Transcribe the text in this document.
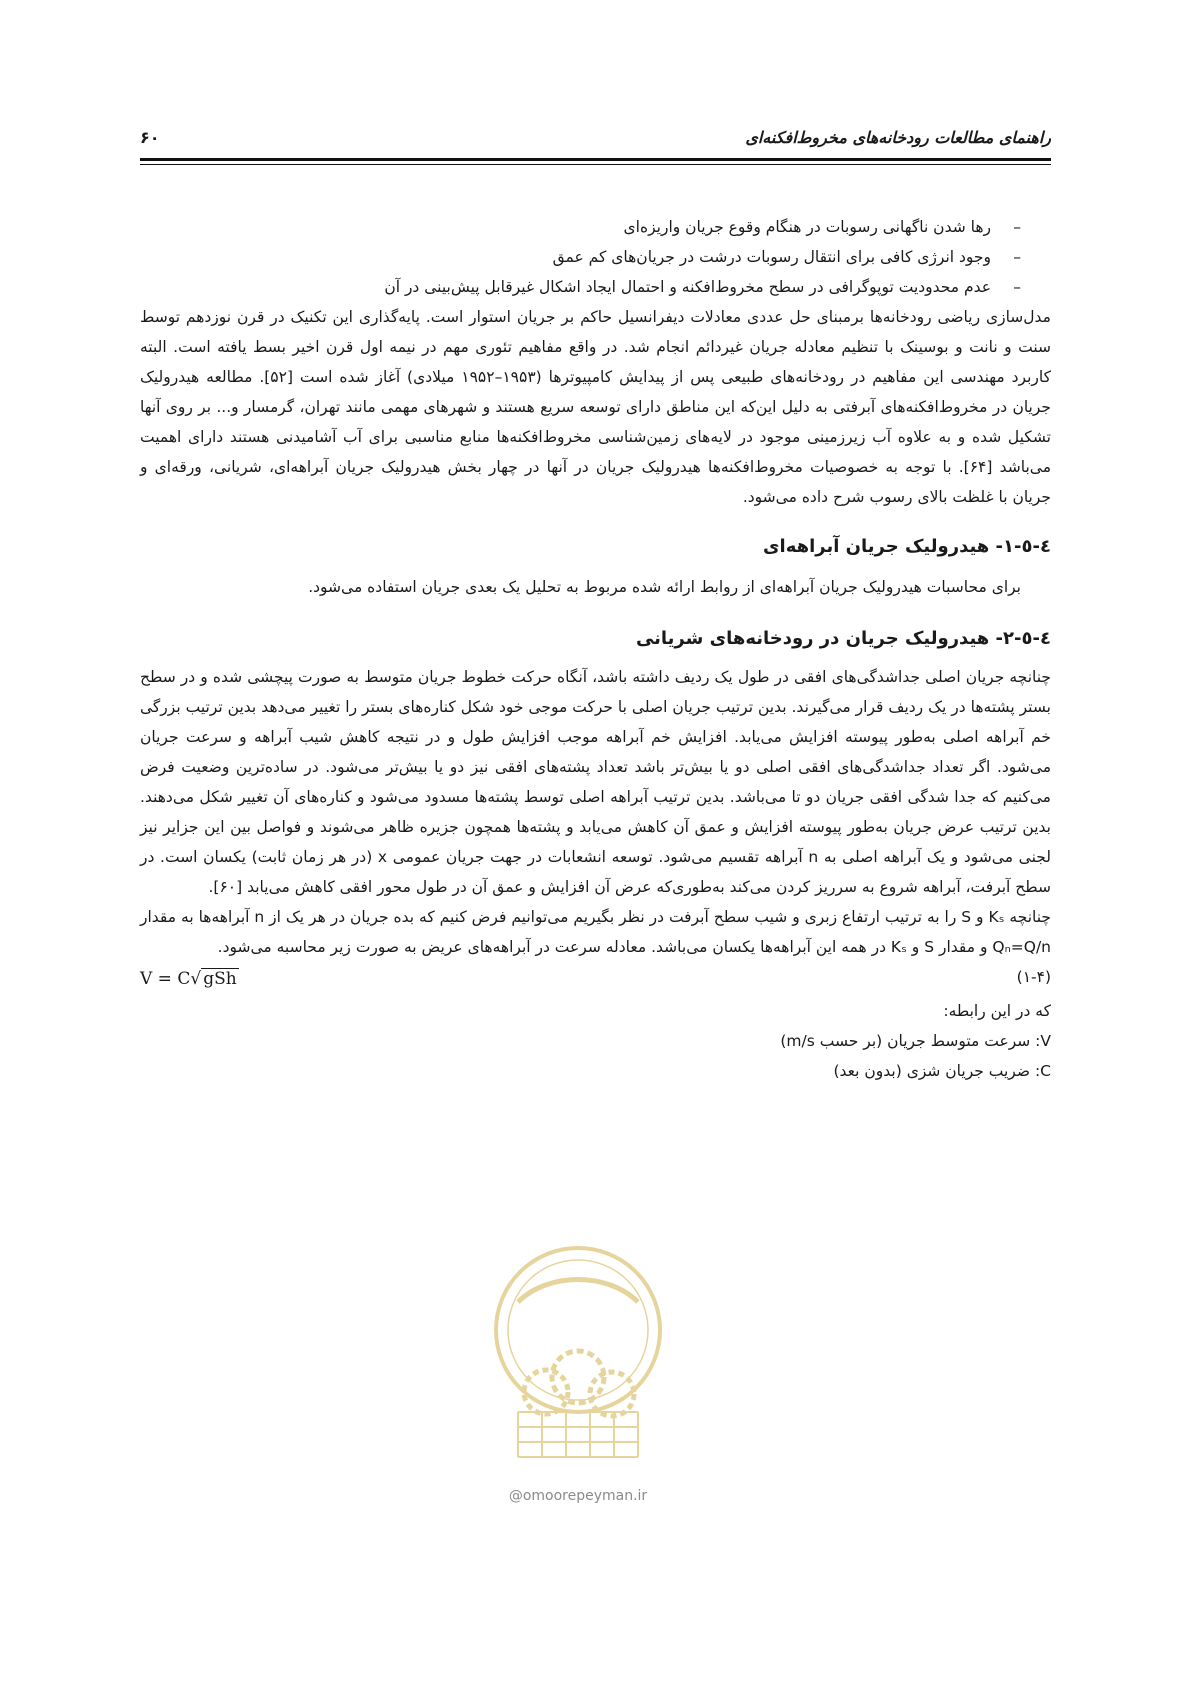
راهنمای مطالعات رودخانه‌های مخروط‌افکنه‌ای
۶۰
–رها شدن ناگهانی رسوبات در هنگام وقوع جریان واریزه‌ای
–وجود انرژی کافی برای انتقال رسوبات درشت در جریان‌های کم عمق
–عدم محدودیت توپوگرافی در سطح مخروط‌افکنه و احتمال ایجاد اشکال غیرقابل پیش‌بینی در آن

مدل‌سازی ریاضی رودخانه‌ها برمبنای حل عددی معادلات دیفرانسیل حاکم بر جریان استوار است. پایه‌گذاری این تکنیک در قرن نوزدهم توسط سنت و نانت و بوسینک با تنظیم معادله جریان غیردائم انجام شد. در واقع مفاهیم تئوری مهم در نیمه اول قرن اخیر بسط یافته است. البته کاربرد مهندسی این مفاهیم در رودخانه‌های طبیعی پس از پیدایش کامپیوترها (۱۹۵۳–۱۹۵۲ میلادی) آغاز شده است [۵۲]. مطالعه هیدرولیک جریان در مخروط‌افکنه‌های آبرفتی به دلیل این‌که این مناطق دارای توسعه سریع هستند و شهرهای مهمی مانند تهران، گرمسار و... بر روی آنها تشکیل شده و به علاوه آب زیرزمینی موجود در لایه‌های زمین‌شناسی مخروط‌افکنه‌ها منابع مناسبی برای آب آشامیدنی هستند دارای اهمیت می‌باشد [۶۴]. با توجه به خصوصیات مخروط‌افکنه‌ها هیدرولیک جریان در آنها در چهار بخش هیدرولیک جریان آبراهه‌ای، شریانی، ورقه‌ای و جریان با غلظت بالای رسوب شرح داده می‌شود.

٤-٥-١- هیدرولیک جریان آبراهه‌ای

برای محاسبات هیدرولیک جریان آبراهه‌ای از روابط ارائه شده مربوط به تحلیل یک بعدی جریان استفاده می‌شود.

٤-٥-٢- هیدرولیک جریان در رودخانه‌های شریانی

چنانچه جریان اصلی جداشدگی‌های افقی در طول یک ردیف داشته باشد، آنگاه حرکت خطوط جریان متوسط به صورت پیچشی شده و در سطح بستر پشته‌ها در یک ردیف قرار می‌گیرند. بدین ترتیب جریان اصلی با حرکت موجی خود شکل کناره‌های بستر را تغییر می‌دهد بدین ترتیب بزرگی خم آبراهه اصلی به‌طور پیوسته افزایش می‌یابد. افزایش خم آبراهه موجب افزایش طول و در نتیجه کاهش شیب آبراهه و سرعت جریان می‌شود. اگر تعداد جداشدگی‌های افقی اصلی دو یا بیش‌تر باشد تعداد پشته‌های افقی نیز دو یا بیش‌تر می‌شود. در ساده‌ترین وضعیت فرض می‌کنیم که جدا شدگی افقی جریان دو تا می‌باشد. بدین ترتیب آبراهه اصلی توسط پشته‌ها مسدود می‌شود و کناره‌های آن تغییر شکل می‌دهند. بدین ترتیب عرض جریان به‌طور پیوسته افزایش و عمق آن کاهش می‌یابد و پشته‌ها همچون جزیره ظاهر می‌شوند و فواصل بین این جزایر نیز لجنی می‌شود و یک آبراهه اصلی به n آبراهه تقسیم می‌شود. توسعه انشعابات در جهت جریان عمومی x (در هر زمان ثابت) یکسان است. در سطح آبرفت، آبراهه شروع به سرریز کردن می‌کند به‌طوری‌که عرض آن افزایش و عمق آن در طول محور افقی کاهش می‌یابد [۶۰].

چنانچه Kₛ و S را به ترتیب ارتفاع زبری و شیب سطح آبرفت در نظر بگیریم می‌توانیم فرض کنیم که بده جریان در هر یک از n آبراهه‌ها به مقدار Qₙ=Q/n و مقدار S و Kₛ در همه این آبراهه‌ها یکسان می‌باشد. معادله سرعت در آبراهه‌های عریض به صورت زیر محاسبه می‌شود.

V = C√ gSh	(۱-۴)
که در این رابطه:
V: سرعت متوسط جریان (بر حسب m/s)
C: ضریب جریان شزی (بدون بعد)
@omoorepeyman.ir
